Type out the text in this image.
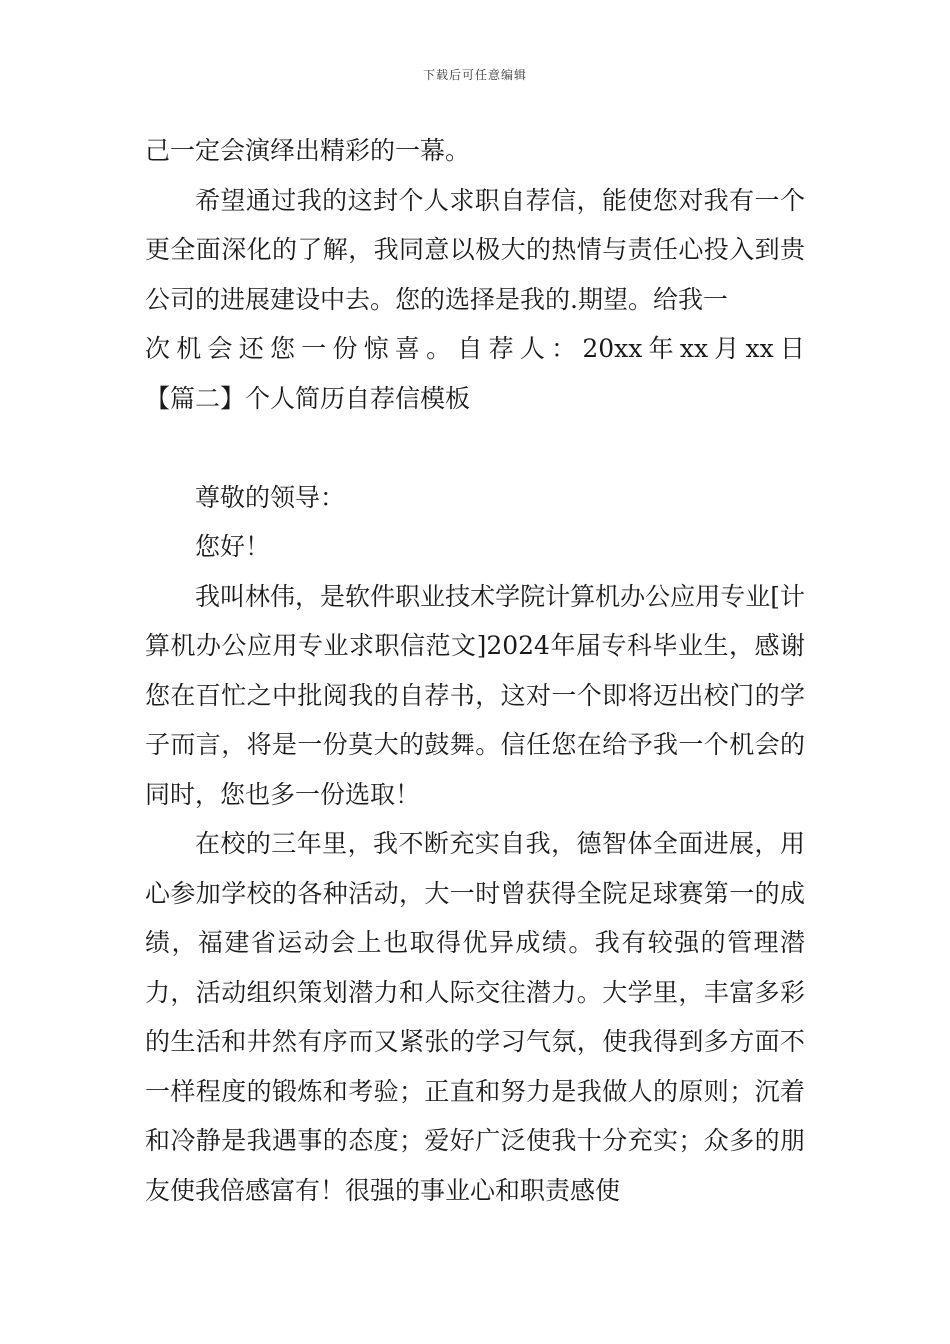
下载后可任意编辑

己一定会演绎出精彩的一幕。

希望通过我的这封个人求职自荐信，能使您对我有一个更全面深化的了解，我同意以极大的热情与责任心投入到贵公司的进展建设中去。您的选择是我的.期望。给我一

次机会还您一份惊喜。自荐人：20xx年xx月xx日

【篇二】个人简历自荐信模板

尊敬的领导：

您好！

我叫林伟，是软件职业技术学院计算机办公应用专业[计算机办公应用专业求职信范文]2024年届专科毕业生，感谢您在百忙之中批阅我的自荐书，这对一个即将迈出校门的学子而言，将是一份莫大的鼓舞。信任您在给予我一个机会的同时，您也多一份选取！

在校的三年里，我不断充实自我，德智体全面进展，用心参加学校的各种活动，大一时曾获得全院足球赛第一的成绩，福建省运动会上也取得优异成绩。我有较强的管理潜力，活动组织策划潜力和人际交往潜力。大学里，丰富多彩的生活和井然有序而又紧张的学习气氛，使我得到多方面不一样程度的锻炼和考验；正直和努力是我做人的原则；沉着和冷静是我遇事的态度；爱好广泛使我十分充实；众多的朋友使我倍感富有！很强的事业心和职责感使
